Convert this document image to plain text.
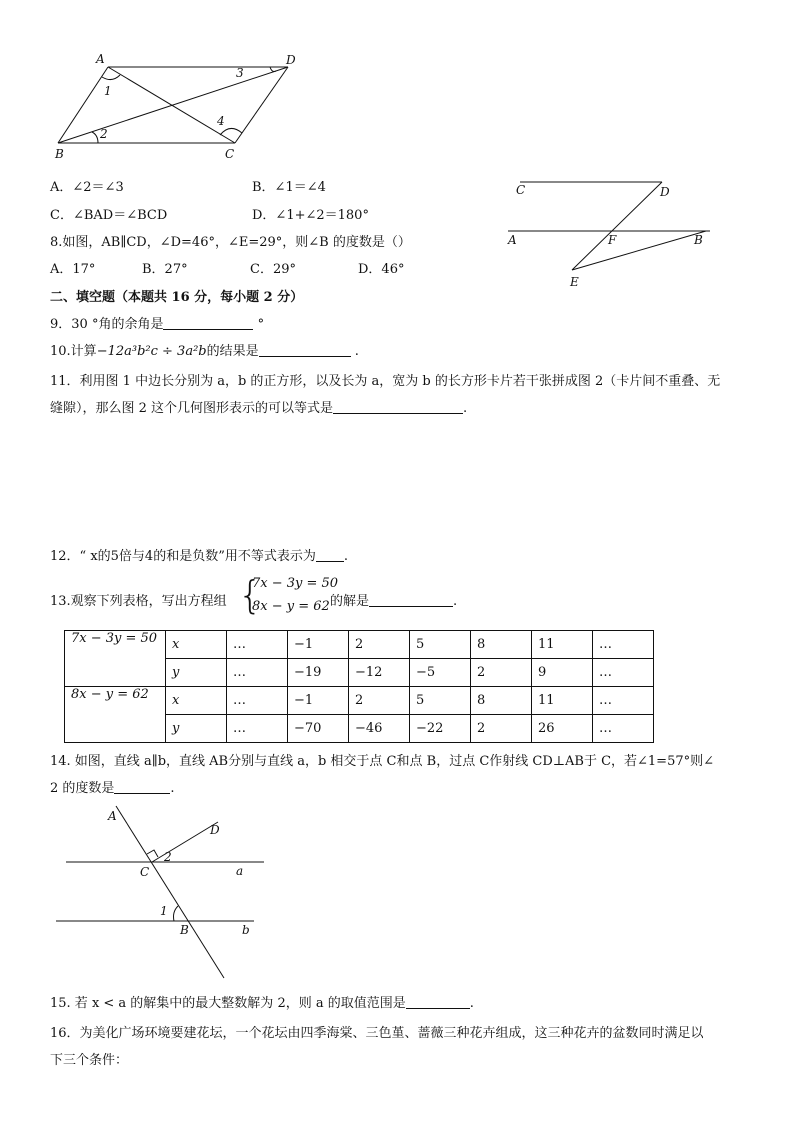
A	D
B	C
1
2
3
4
A．∠2＝∠3	B．∠1＝∠4
C．∠BAD＝∠BCD	D．∠1+∠2＝180°
8.如图，AB∥CD，∠D=46°，∠E=29°，则∠B 的度数是（）
A．17°	B．27°	C．29°	D．46°
C	D
A	F	B
E
二、填空题（本题共 16 分，每小题 2 分）
9．30 °角的余角是	°
10.计算−12a³b²c ÷ 3a²b的结果是	.
11．利用图 1 中边长分别为 a，b 的正方形，以及长为 a，宽为 b 的长方形卡片若干张拼成图 2（卡片间不重叠、无
缝隙），那么图 2 这个几何图形表示的可以等式是	.
12．“ x的5倍与4的和是负数”用不等式表示为 .
13.观察下列表格，写出方程组 {
7x − 3y = 50
8x − y = 62 的解是	.
7x − 3y = 50	x	…	−1	2	5	8	11	…
	y	…	−19	−12	−5	2	9	…
8x − y = 62	x	…	−1	2	5	8	11	…
	y	…	−70	−46	−22	2	26	…
14. 如图，直线 a∥b，直线 AB分别与直线 a，b 相交于点 C和点 B，过点 C作射线 CD⊥AB于 C，若∠1=57°则∠
2 的度数是	.
A
D
C	a
b
B
1
2
15. 若 x < a 的解集中的最大整数解为 2，则 a 的取值范围是	.
16．为美化广场环境要建花坛，一个花坛由四季海棠、三色堇、蔷薇三种花卉组成，这三种花卉的盆数同时满足以
下三个条件：
